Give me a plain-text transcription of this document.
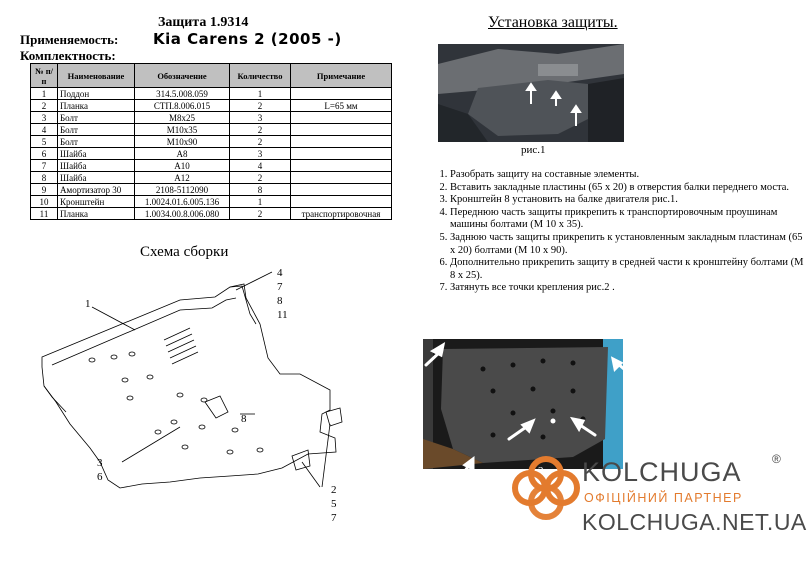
Защита 1.9314
Применяемость: Kia Carens 2 (2005 -)
Комплектность:
№ п/п	Наименование	Обозначение	Количество	Примечание
1	Поддон	314.5.008.059	1	
2	Планка	СТП.8.006.015	2	L=65 мм
3	Болт	М8х25	3	
4	Болт	М10х35	2	
5	Болт	М10х90	2	
6	Шайба	А8	3	
7	Шайба	А10	4	
8	Шайба	А12	2	
9	Амортизатор 30	2108-5112090	8	
10	Кронштейн	1.0024.01.6.005.136	1	
11	Планка	1.0034.00.8.006.080	2	транспортировочная
Схема сборки
1
4
7
8
11
8
3
6
2
5
7
Установка защиты.
рис.1
1. Разобрать защиту на составные элементы.
2. Вставить закладные пластины (65 х 20) в отверстия балки переднего моста.
3. Кронштейн 8 установить на балке двигателя рис.1.
4. Переднюю часть защиты прикрепить к транспортировочным проушинам машины болтами (М 10 х 35).
5. Заднюю часть защиты прикрепить к установленным закладным пластинам (65 х 20) болтами (М 10 х 90).
6. Дополнительно прикрепить защиту в средней части к кронштейну болтами (М 8 х 25).
7. Затянуть все точки крепления рис.2 .
2 KOLCHUGA	®
ОФІЦІЙНИЙ ПАРТНЕР
KOLCHUGA.NET.UA
